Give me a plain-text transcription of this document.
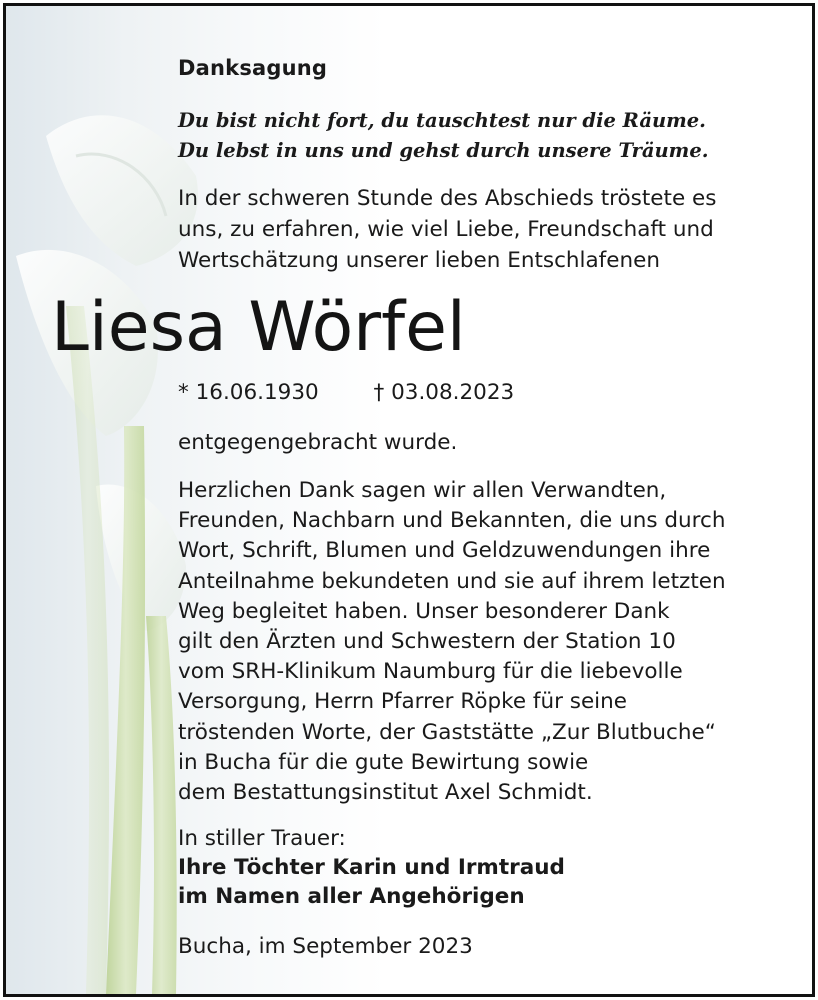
Danksagung
Du bist nicht fort, du tauschtest nur die Räume.
Du lebst in uns und gehst durch unsere Träume.
In der schweren Stunde des Abschieds tröstete es
uns, zu erfahren, wie viel Liebe, Freundschaft und
Wertschätzung unserer lieben Entschlafenen
Liesa Wörfel
* 16.06.1930	† 03.08.2023
entgegengebracht wurde.
Herzlichen Dank sagen wir allen Verwandten,
Freunden, Nachbarn und Bekannten, die uns durch
Wort, Schrift, Blumen und Geldzuwendungen ihre
Anteilnahme bekundeten und sie auf ihrem letzten
Weg begleitet haben. Unser besonderer Dank
gilt den Ärzten und Schwestern der Station 10
vom SRH-Klinikum Naumburg für die liebevolle
Versorgung, Herrn Pfarrer Röpke für seine
tröstenden Worte, der Gaststätte „Zur Blutbuche“
in Bucha für die gute Bewirtung sowie
dem Bestattungsinstitut Axel Schmidt.
In stiller Trauer:
Ihre Töchter Karin und Irmtraud
im Namen aller Angehörigen
Bucha, im September 2023
